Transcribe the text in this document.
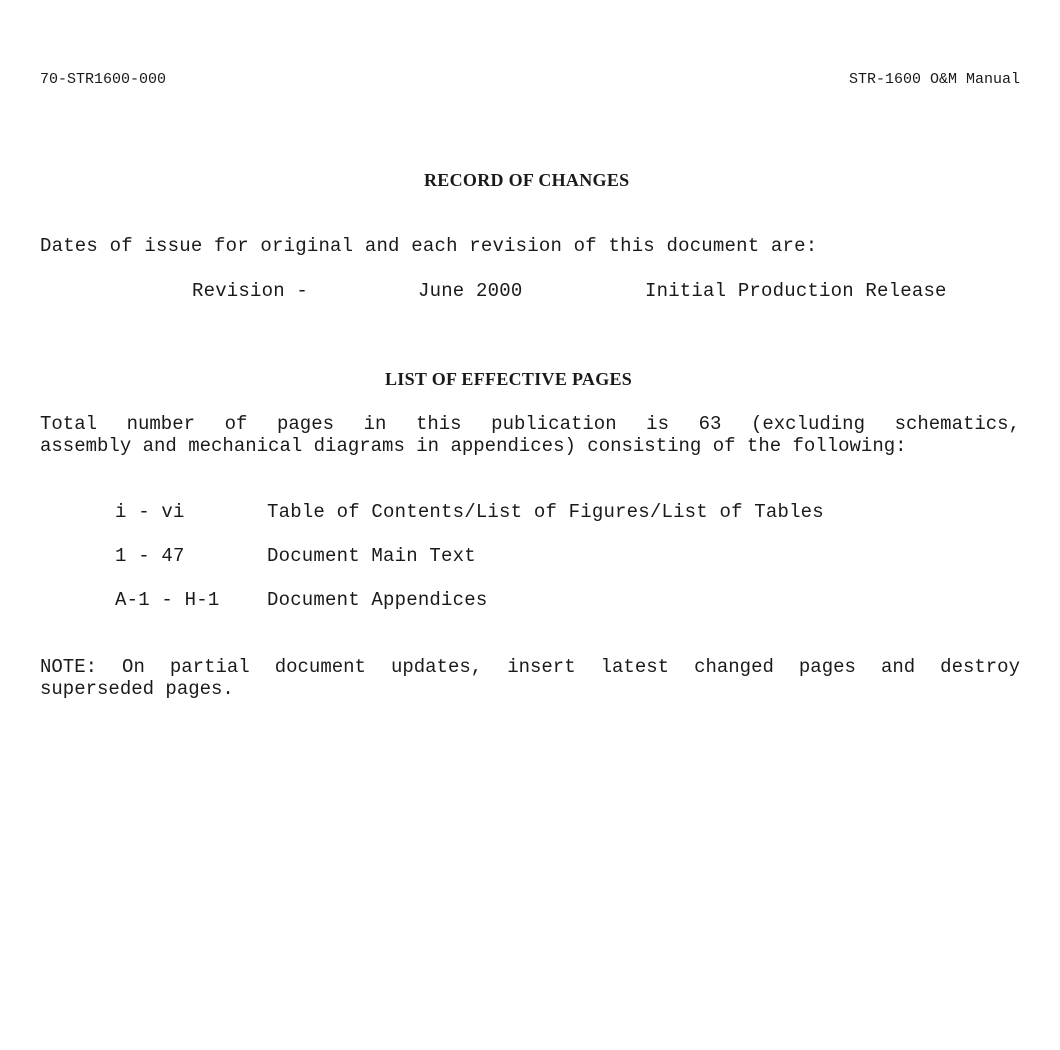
70-STR1600-000	STR-1600 O&M Manual
RECORD OF CHANGES
Dates of issue for original and each revision of this document are:
Revision -	June 2000	Initial Production Release
LIST OF EFFECTIVE PAGES
Total number of pages in this publication is 63 (excluding schematics,
assembly and mechanical diagrams in appendices) consisting of the following:
i - vi	Table of Contents/List of Figures/List of Tables
1 - 47	Document Main Text
A-1 - H-1	Document Appendices
NOTE: On partial document updates, insert latest changed pages and destroy
superseded pages.
